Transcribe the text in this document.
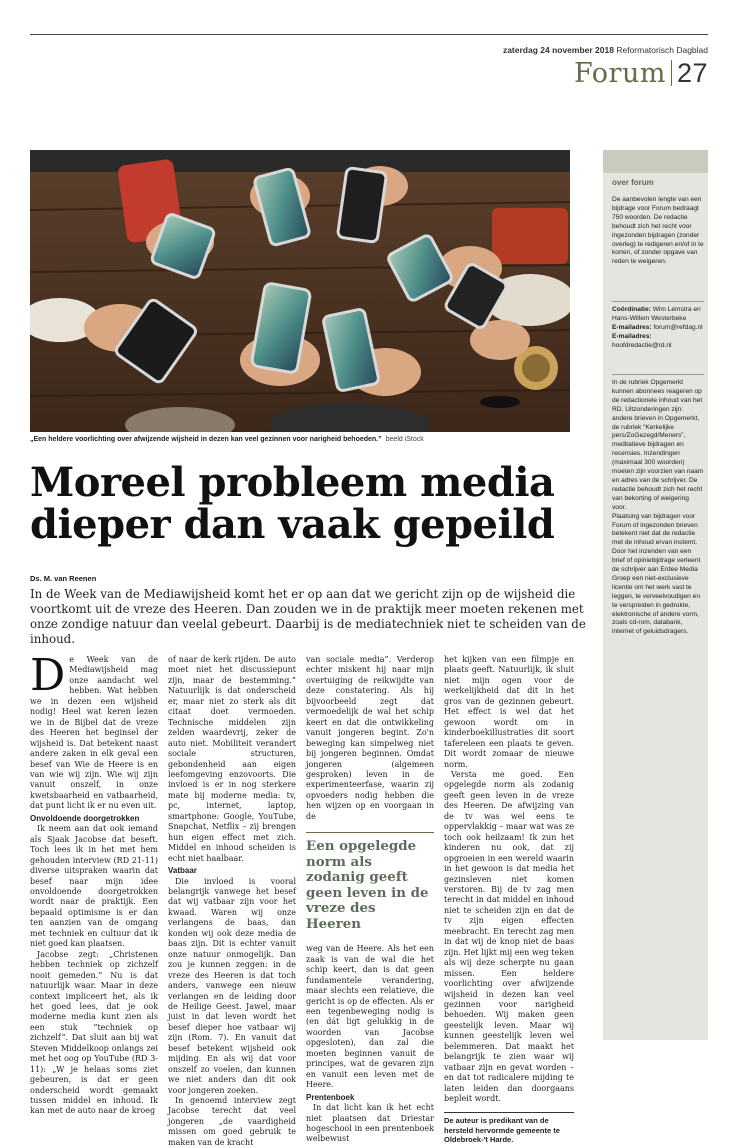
zaterdag 24 november 2018 Reformatorisch Dagblad
Forum 27
„Een heldere voorlichting over afwijzende wijsheid in dezen kan veel gezinnen voor narigheid behoeden.” beeld iStock
Moreel probleem media
dieper dan vaak gepeild
Ds. M. van Reenen
In de Week van de Mediawijsheid komt het er op aan dat we gericht zijn op de wijsheid die voortkomt uit de vreze des Heeren. Dan zouden we in de praktijk meer moeten rekenen met onze zondige natuur dan veelal gebeurt. Daarbij is de mediatechniek niet te scheiden van de inhoud.

De Week van de Mediawijsheid mag onze aandacht wel hebben. Wat hebben we in dezen een wijsheid nodig! Heel wat keren lezen we in de Bijbel dat de vreze des Heeren het beginsel der wijsheid is. Dat betekent naast andere zaken in elk geval een besef van Wie de Heere is en van wie wij zijn. Wie wij zijn vanuit onszelf, in onze kwetsbaarheid en vatbaarheid, dat punt licht ik er nu even uit.

Onvoldoende doorgetrokken

Ik neem aan dat ook iemand als Sjaak Jacobse dat beseft. Toch lees ik in het met hem gehouden interview (RD 21-11) diverse uitspraken waarin dat besef naar mijn idee onvoldoende doorgetrokken wordt naar de praktijk. Een bepaald optimisme is er dan ten aanzien van de omgang met techniek en cultuur dat ik niet goed kan plaatsen.

Jacobse zegt: „Christenen hebben techniek op zichzelf nooit gemeden.” Nu is dat natuurlijk waar. Maar in deze context impliceert het, als ik het goed lees, dat je ook moderne media kunt zien als een stuk “techniek op zichzelf”. Dat sluit aan bij wat Steven Middelkoop onlangs zei met het oog op YouTube (RD 3-11): „W je helaas soms ziet gebeuren, is dat er geen onderscheid wordt gemaakt tussen middel en inhoud. Ik kan met de auto naar de kroeg

of naar de kerk rijden. De auto moet niet het discussiepunt zijn, maar de bestemming.” Natuurlijk is dat onderscheid er, maar niet zo sterk als dit citaat doet vermoeden. Technische middelen zijn zelden waardevrij, zeker de auto niet. Mobiliteit verandert sociale structuren, gebondenheid aan eigen leefomgeving enzovoorts. Die invloed is er in nog sterkere mate bij moderne media: tv, pc, internet, laptop, smartphone: Google, YouTube, Snapchat, Netflix – zij brengen hun eigen effect met zich. Middel en inhoud scheiden is echt niet haalbaar.

Vatbaar

Die invloed is vooral belangrijk vanwege het besef dat wij vatbaar zijn voor het kwaad. Waren wij onze verlangens de baas, dan konden wij ook deze media de baas zijn. Dit is echter vanuit onze natuur onmogelijk. Dan zou je kunnen zeggen: in de vreze des Heeren is dat toch anders, vanwege een nieuw verlangen en de leiding door de Heilige Geest. Jawel, maar juist in dat leven wordt het besef dieper hoe vatbaar wij zijn (Rom. 7). En vanuit dat besef betekent wijsheid ook mijding. En als wij dat voor onszelf zo voelen, dan kunnen we niet anders dan dit ook voor jongeren zoeken.

In genoemd interview zegt Jacobse terecht dat veel jongeren „de vaardigheid missen om goed gebruik te maken van de kracht

van sociale media”. Verderop echter miskent hij naar mijn overtuiging de reikwijdte van deze constatering. Als hij bijvoorbeeld zegt dat vermoedelijk de wal het schip keert en dat die ontwikkeling vanuit jongeren begint. Zo'n beweging kan simpelweg niet bij jongeren beginnen. Omdat jongeren (algemeen gesproken) leven in de experimenteerfase, waarin zij opvoeders nodig hebben die hen wijzen op en voorgaan in de

Een opgelegde norm als zodanig geeft geen leven in de vreze des Heeren

weg van de Heere. Als het een zaak is van de wal die het schip keert, dan is dat geen fundamentele verandering, maar slechts een relatieve, die gericht is op de effecten. Als er een tegenbeweging nodig is (en dát ligt gelukkig in de woorden van Jacobse opgesloten), dan zal die moeten beginnen vanuit de principes, wat de gevaren zijn en vanuit een leven met de Heere.

Prentenboek

In dat licht kan ik het echt niet plaatsen dat Driestar hogeschool in een prentenboek welbewust

het kijken van een filmpje en plaats geeft. Natuurlijk, ik sluit niet mijn ogen voor de werkelijkheid dat dit in het gros van de gezinnen gebeurt. Het effect is wel dat het gewoon wordt om in kinderboekillustraties dit soort tafereleen een plaats te geven. Dit wordt zomaar de nieuwe norm.

Versta me goed. Een opgelegde norm als zodanig geeft geen leven in de vreze des Heeren. De afwijzing van de tv was wel eens te oppervlakkig – maar wat was ze toch ook heilzaam! Ik zun het kinderen nu ook, dat zij opgroeien in een wereld waarin in het gewoon is dat media het gezinsleven niet komen verstoren. Bij de tv zag men terecht in dat middel en inhoud niet te scheiden zijn en dat de tv zijn eigen effecten meebracht. En terecht zag men in dat wij de knop niet de baas zijn. Het lijkt mij een weg teken als wij deze scherpte nu gaan missen. Een heldere voorlichting over afwijzende wijsheid in dezen kan veel gezinnen voor narigheid behoeden. Wij maken geen geestelijk leven. Maar wij kunnen geestelijk leven wel belemmeren. Dat maakt het belangrijk te zien waar wij vatbaar zijn en gevat worden – en dat tot radicalere mijding te laten leiden dan doorgaans bepleit wordt.

De auteur is predikant van de hersteld hervormde gemeente te Oldebroek-'t Harde.
over forum
De aanbevolen lengte van een bijdrage voor Forum bedraagt 750 woorden. De redactie behoudt zich het recht voor ingezonden bijdragen (zonder overleg) te redigeren en/of in te korten, of zonder opgave van reden te weigeren.
Coördinatie: Wim Lemstra en Hans-Willem Westerbeke
E-mailadres: forum@refdag.nl
E-mailadres: hoofdredactie@rd.nl
In de rubriek Opgemerkt kunnen abonnees reageren op de redactionele inhoud van het RD. Uitzonderingen zijn: andere brieven in Opgemerkt, de rubriek “Kerkelijke pers/ZoGezegd/Meners”, meditatieve bijdragen en recensies. Inzendingen (maximaal 300 woorden) moeten zijn voorzien van naam en adres van de schrijver. De redactie behoudt zich het recht van bekorting of weigering voor.
Plaatsing van bijdragen voor Forum of ingezonden brieven betekent niet dat de redactie met de inhoud ervan instemt.
Door het inzenden van een brief of opiniebijdrage verleent de schrijver aan Erdee Media Groep een niet-exclusieve licentie om het werk vast te leggen, te verveelvoudigen en te verspreiden in gedrukte, elektronische of andere vorm, zoals cd-rom, databank, internet of geluidsdragers.
